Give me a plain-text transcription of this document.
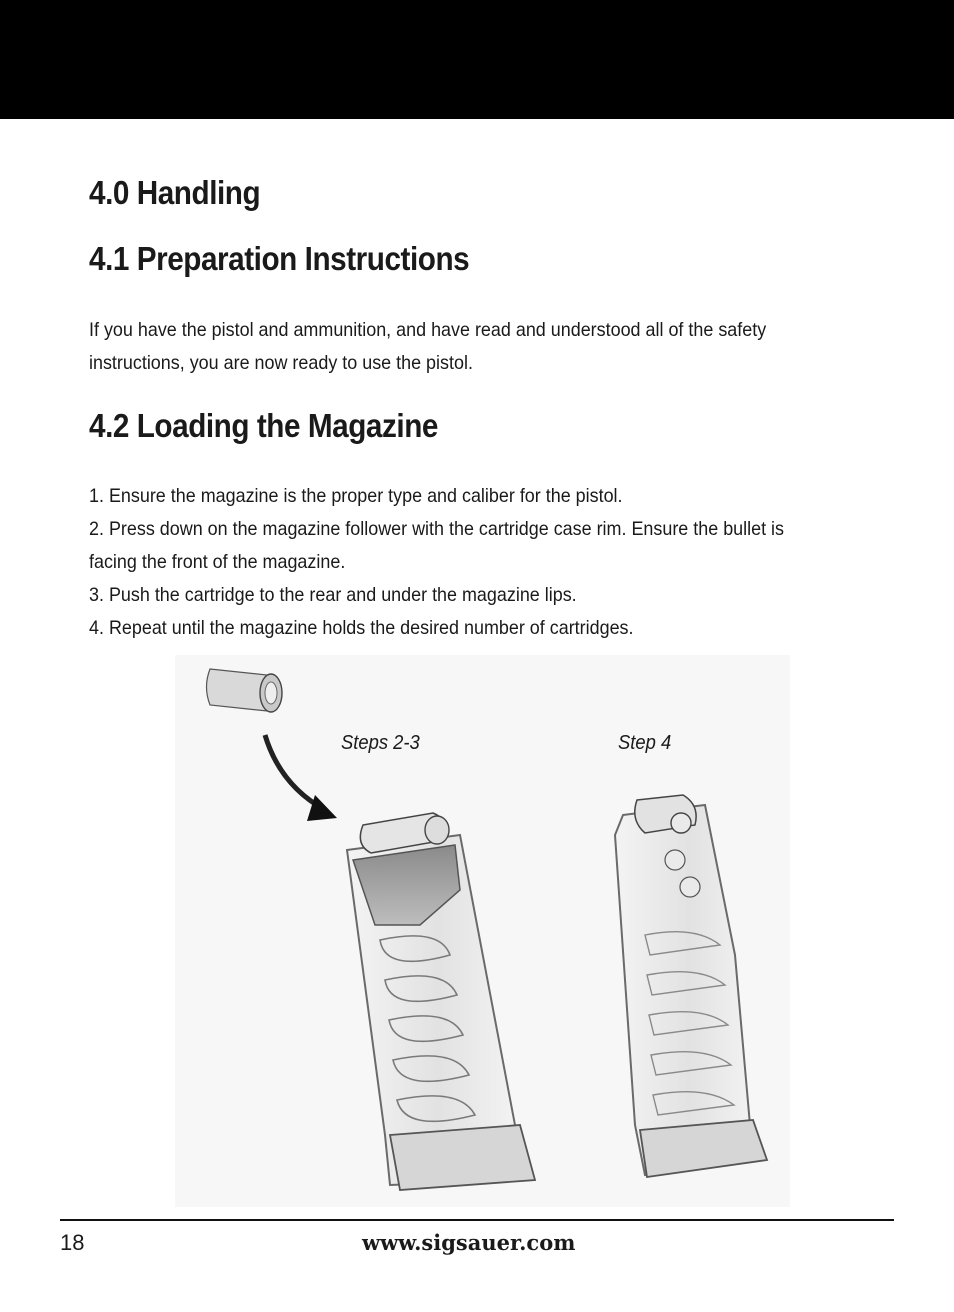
4.0 Handling
4.1 Preparation Instructions

If you have the pistol and ammunition, and have read and understood all of the safety

instructions, you are now ready to use the pistol.

4.2 Loading the Magazine

1. Ensure the magazine is the proper type and caliber for the pistol.

2. Press down on the magazine follower with the cartridge case rim. Ensure the bullet is

facing the front of the magazine.

3. Push the cartridge to the rear and under the magazine lips.

4. Repeat until the magazine holds the desired number of cartridges.

Steps 2-3	Step 4
18	www.sigsauer.com
